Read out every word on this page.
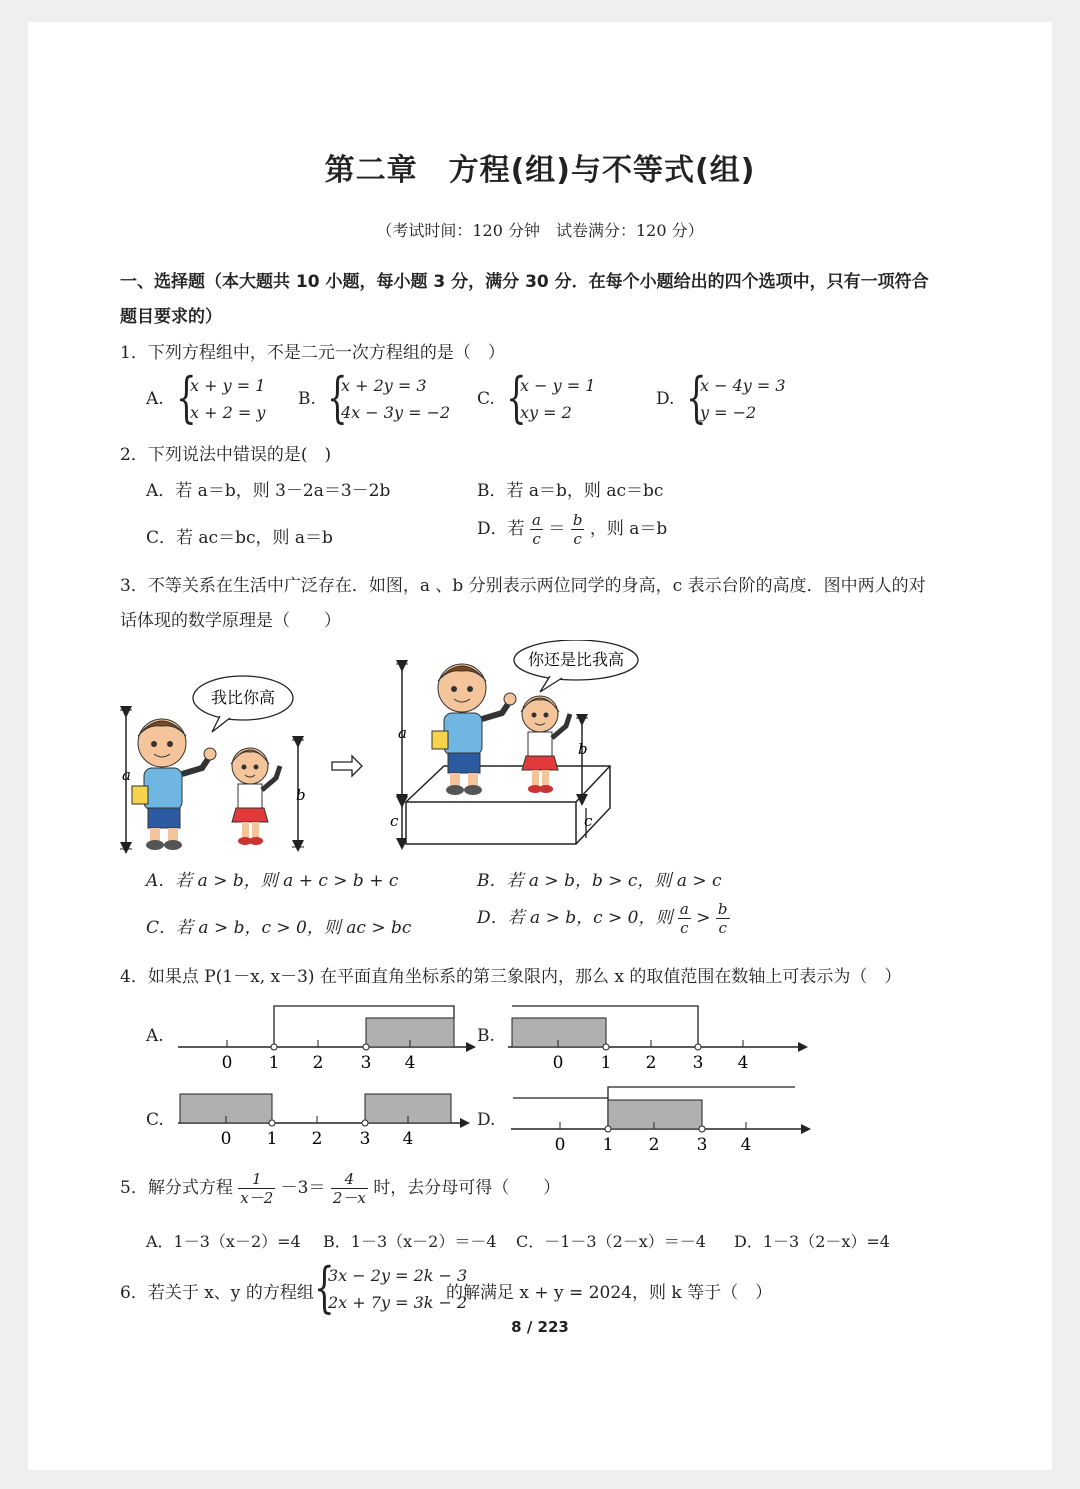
第二章　方程(组)与不等式(组)
（考试时间：120 分钟　试卷满分：120 分）
一、选择题（本大题共 10 小题，每小题 3 分，满分 30 分．在每个小题给出的四个选项中，只有一项符合
题目要求的）
1．下列方程组中，不是二元一次方程组的是（　）
A. {
x + y = 1
x + 2 = y
B. {
x + 2y = 3
4x − 3y = −2
C. {
x − y = 1
xy = 2
D. {
x − 4y = 3
y = −2
2．下列说法中错误的是(　)
A．若 a＝b，则 3－2a＝3－2b	B．若 a＝b，则 ac＝bc
C．若 ac＝bc，则 a＝b	D．若 $\frac{a}{c} = \frac{b}{c}$ ，则 a＝b
3．不等关系在生活中广泛存在．如图，a 、b 分别表示两位同学的身高，c 表示台阶的高度．图中两人的对
话体现的数学原理是（　　）
a
我比你高
b
a
c	c
b
你还是比我高
A．若 a > b，则 a + c > b + c	B．若 a > b，b > c，则 a > c
C．若 a > b，c > 0，则 ac > bc	D．若 a > b，c > 0，则 $\frac{a}{c} > \frac{b}{c}$
4．如果点 P(1－x, x－3) 在平面直角坐标系的第三象限内，那么 x 的取值范围在数轴上可表示为（　）
A.
0 1 2 3 4
B.
0 1 2 3 4
C.
0 1 2 3 4
D.
0 1 2 3 4
5．解分式方程 $\frac{1}{x-2} -3= \frac{4}{2-x}$ 时，去分母可得（　　）
A．1－3（x－2）=4 B．1－3（x－2）＝－4 C．－1－3（2－x）＝－4 D．1－3（2－x）=4
6．若关于 x、y 的方程组 {
3x − 2y = 2k − 3
2x + 7y = 3k − 2
的解满足 x + y = 2024，则 k 等于（　）
8 / 223
